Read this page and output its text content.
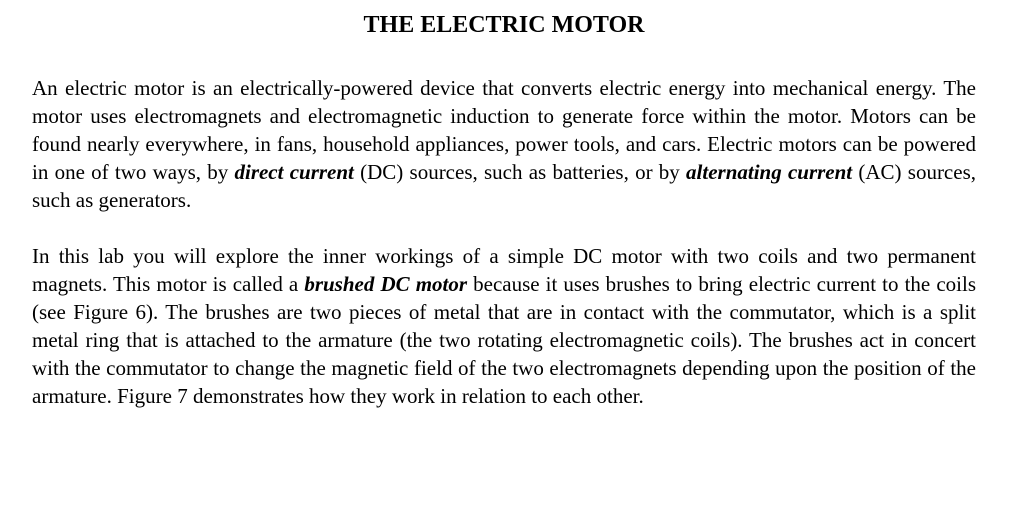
THE ELECTRIC MOTOR

An electric motor is an electrically-powered device that converts electric energy into mechanical energy. The motor uses electromagnets and electromagnetic induction to generate force within the motor. Motors can be found nearly everywhere, in fans, household appliances, power tools, and cars. Electric motors can be powered in one of two ways, by direct current (DC) sources, such as batteries, or by alternating current (AC) sources, such as generators.

In this lab you will explore the inner workings of a simple DC motor with two coils and two permanent magnets. This motor is called a brushed DC motor because it uses brushes to bring electric current to the coils (see Figure 6). The brushes are two pieces of metal that are in contact with the commutator, which is a split metal ring that is attached to the armature (the two rotating electromagnetic coils). The brushes act in concert with the commutator to change the magnetic field of the two electromagnets depending upon the position of the armature. Figure 7 demonstrates how they work in relation to each other.
